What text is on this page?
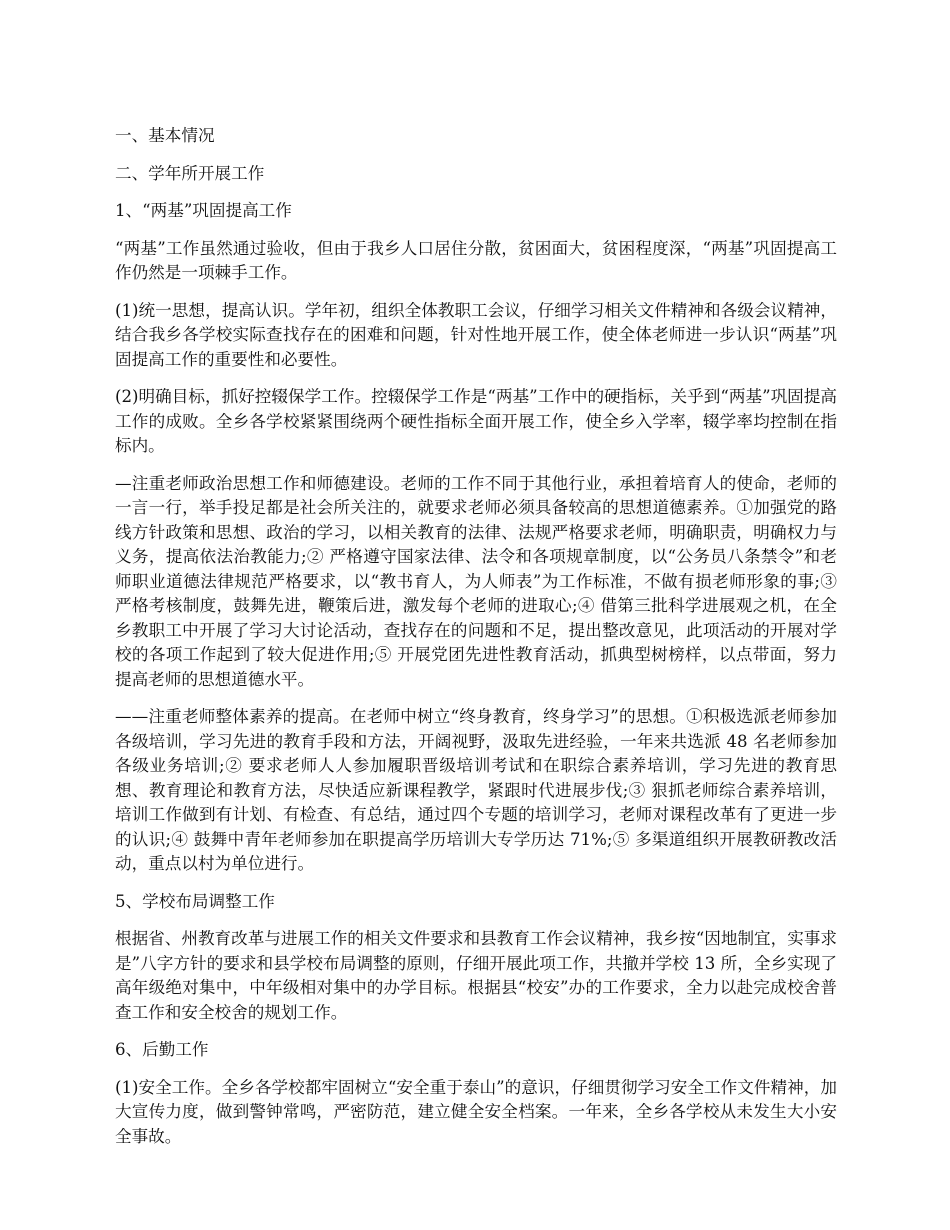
一、基本情况

二、学年所开展工作

1、“两基”巩固提高工作

“两基”工作虽然通过验收，但由于我乡人口居住分散，贫困面大，贫困程度深，“两基”巩固提高工作仍然是一项棘手工作。

(1)统一思想，提高认识。学年初，组织全体教职工会议，仔细学习相关文件精神和各级会议精神，结合我乡各学校实际查找存在的困难和问题，针对性地开展工作，使全体老师进一步认识“两基”巩固提高工作的重要性和必要性。

(2)明确目标，抓好控辍保学工作。控辍保学工作是“两基”工作中的硬指标，关乎到“两基”巩固提高工作的成败。全乡各学校紧紧围绕两个硬性指标全面开展工作，使全乡入学率，辍学率均控制在指标内。

—注重老师政治思想工作和师德建设。老师的工作不同于其他行业，承担着培育人的使命，老师的一言一行，举手投足都是社会所关注的，就要求老师必须具备较高的思想道德素养。①加强党的路线方针政策和思想、政治的学习，以相关教育的法律、法规严格要求老师，明确职责，明确权力与义务，提高依法治教能力;② 严格遵守国家法律、法令和各项规章制度，以“公务员八条禁令”和老师职业道德法律规范严格要求，以“教书育人，为人师表”为工作标准，不做有损老师形象的事;③ 严格考核制度，鼓舞先进，鞭策后进，激发每个老师的进取心;④ 借第三批科学进展观之机，在全乡教职工中开展了学习大讨论活动，查找存在的问题和不足，提出整改意见，此项活动的开展对学校的各项工作起到了较大促进作用;⑤ 开展党团先进性教育活动，抓典型树榜样，以点带面，努力提高老师的思想道德水平。

——注重老师整体素养的提高。在老师中树立“终身教育，终身学习”的思想。①积极选派老师参加各级培训，学习先进的教育手段和方法，开阔视野，汲取先进经验，一年来共选派 48 名老师参加各级业务培训;② 要求老师人人参加履职晋级培训考试和在职综合素养培训，学习先进的教育思想、教育理论和教育方法，尽快适应新课程教学，紧跟时代进展步伐;③ 狠抓老师综合素养培训，培训工作做到有计划、有检查、有总结，通过四个专题的培训学习，老师对课程改革有了更进一步的认识;④ 鼓舞中青年老师参加在职提高学历培训大专学历达 71%;⑤ 多渠道组织开展教研教改活动，重点以村为单位进行。

5、学校布局调整工作

根据省、州教育改革与进展工作的相关文件要求和县教育工作会议精神，我乡按“因地制宜，实事求是”八字方针的要求和县学校布局调整的原则，仔细开展此项工作，共撤并学校 13 所，全乡实现了高年级绝对集中，中年级相对集中的办学目标。根据县“校安”办的工作要求，全力以赴完成校舍普查工作和安全校舍的规划工作。

6、后勤工作

(1)安全工作。全乡各学校都牢固树立“安全重于泰山”的意识，仔细贯彻学习安全工作文件精神，加大宣传力度，做到警钟常鸣，严密防范，建立健全安全档案。一年来，全乡各学校从未发生大小安全事故。
